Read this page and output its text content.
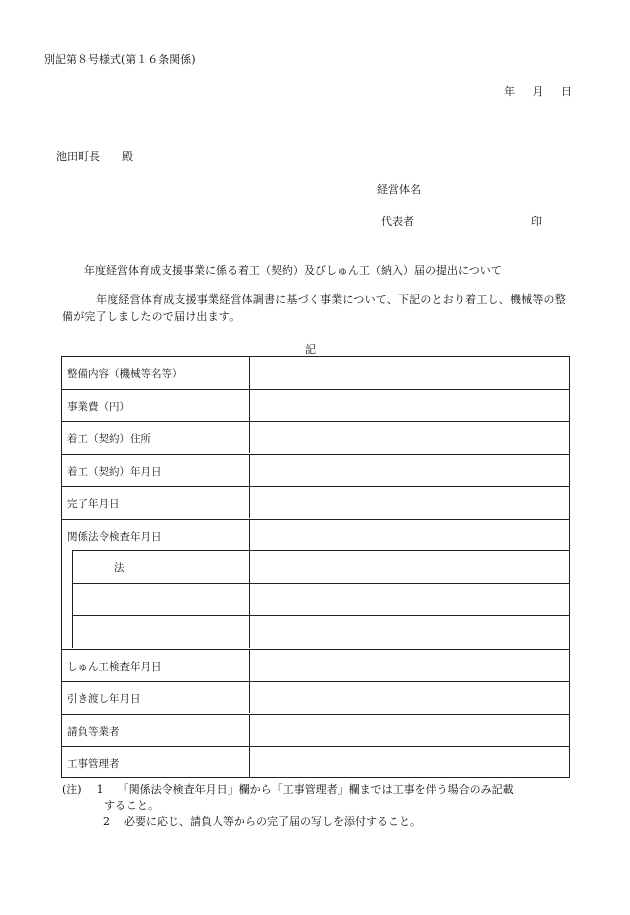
別記第８号様式(第１６条関係)
年 月 日
池田町長 殿
経営体名
代表者	印
年度経営体育成支援事業に係る着工（契約）及びしゅん工（納入）届の提出について
年度経営体育成支援事業経営体調書に基づく事業について、下記のとおり着工し、機械等の整備が完了しましたので届け出ます。
記
整備内容（機械等名等）
事業費（円）
着工（契約）住所
着工（契約）年月日
完了年月日
関係法令検査年月日
法
しゅん工検査年月日
引き渡し年月日
請負等業者
工事管理者
(注) 1 「関係法令検査年月日」欄から「工事管理者」欄までは工事を伴う場合のみ記載
すること。
2 必要に応じ、請負人等からの完了届の写しを添付すること。
